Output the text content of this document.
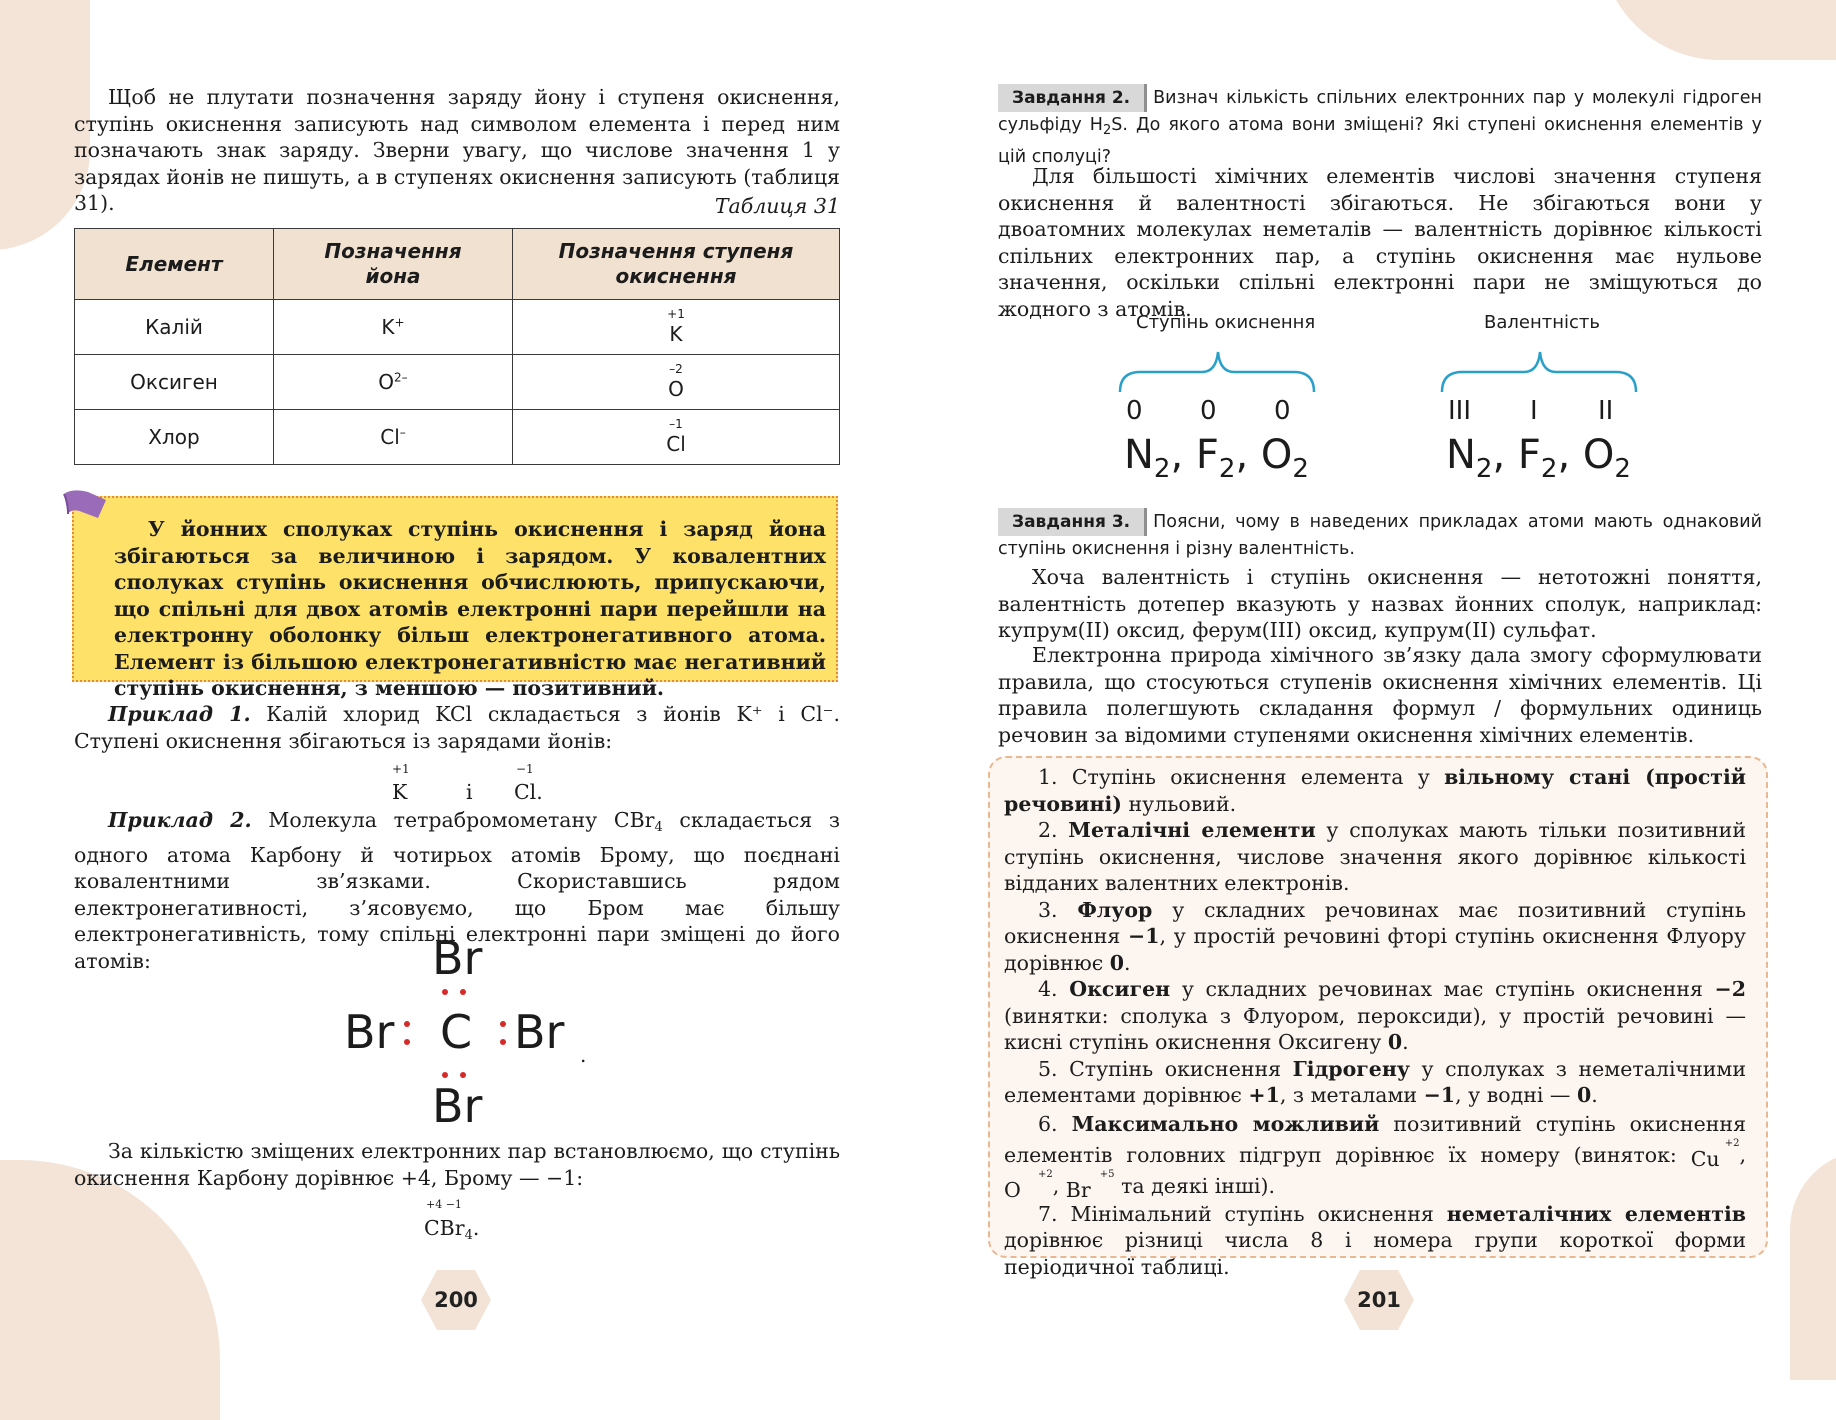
Щоб не плутати позначення заряду йону і ступеня окиснення, ступінь окиснення записують над символом елемента і перед ним позначають знак заряду. Зверни увагу, що числове значення 1 у зарядах йонів не пишуть, а в ступенях окиснення записують (таблиця 31).	Таблиця 31
Елемент	Позначення йона	Позначення ступеня окиснення

Калій	K+	+1
K
Оксиген	$O^{2-}$	–2
O
Хлор	Cl–	–1
Cl

У йонних сполуках ступінь окиснення і заряд йона збігаються за величиною і зарядом. У ковалентних сполуках ступінь окиснення обчислюють, припускаючи, що спільні для двох атомів електронні пари перейшли на електронну оболонку більш електронегативного атома. Елемент із більшою електронегативністю має негативний ступінь окиснення, з меншою — позитивний.

Приклад 1. Калій хлорид KCl складається з йонів K⁺ і Cl⁻. Ступені окиснення збігаються із зарядами йонів:

+1
K	і
−1
Cl.

Приклад 2. Молекула тетрабромометану CBr$_4$ складається з одного атома Карбону й чотирьох атомів Брому, що поєднані ковалентними зв’язками. Скориставшись рядом електронегативності, з’ясовуємо, що Бром має більшу електронегативність, тому спільні електронні пари зміщені до його атомів:	Br
Br C Br
Br
.

За кількістю зміщених електронних пар встановлюємо, що ступінь окиснення Карбону дорівнює +4, Брому — −1:

+4 −1
CBr$_4$.
200

Завдання 2. Визнач кількість спільних електронних пар у молекулі гідроген сульфіду $H_2S$. До якого атома вони зміщені? Які ступені окиснення елементів у цій сполуці?

Для більшості хімічних елементів числові значення ступеня окиснення й валентності збігаються. Не збігаються вони у двоатомних молекулах неметалів — валентність дорівнює кількості спільних електронних пар, а ступінь окиснення має нульове значення, оскільки спільні електронні пари не зміщуються до жодного з атомів.

Ступінь окиснення	Валентність
0 0 0	III I II
$N_2$, $F_2$, $O_2$	$N_2$, $F_2$, $O_2$

Завдання 3. Поясни, чому в наведених прикладах атоми мають однаковий ступінь окиснення і різну валентність.

Хоча валентність і ступінь окиснення — нетотожні поняття, валентність дотепер вказують у назвах йонних сполук, наприклад: купрум(II) оксид, ферум(III) оксид, купрум(II) сульфат.

Електронна природа хімічного зв’язку дала змогу сформулювати правила, що стосуються ступенів окиснення хімічних елементів. Ці правила полегшують складання формул / формульних одиниць речовин за відомими ступенями окиснення хімічних елементів.

1. Ступінь окиснення елемента у вільному стані (простій речовині) нульовий.

2. Металічні елементи у сполуках мають тільки позитивний ступінь окиснення, числове значення якого дорівнює кількості відданих валентних електронів.

3. Флуор у складних речовинах має позитивний ступінь окиснення −1, у простій речовині фторі ступінь окиснення Флуору дорівнює 0.

4. Оксиген у складних речовинах має ступінь окиснення −2 (винятки: сполука з Флуором, пероксиди), у простій речовині — кисні ступінь окиснення Оксигену 0.

5. Ступінь окиснення Гідрогену у сполуках з неметалічними елементами дорівнює +1, з металами −1, у водні — 0.

6. Максимально можливий позитивний ступінь окиснення елементів головних підгруп дорівнює їх номеру (виняток:	+2
Cu ,
+2
O ,	+5
Br та деякі інші).

7. Мінімальний ступінь окиснення неметалічних елементів дорівнює різниці числа 8 і номера групи короткої форми періодичної таблиці.

201
